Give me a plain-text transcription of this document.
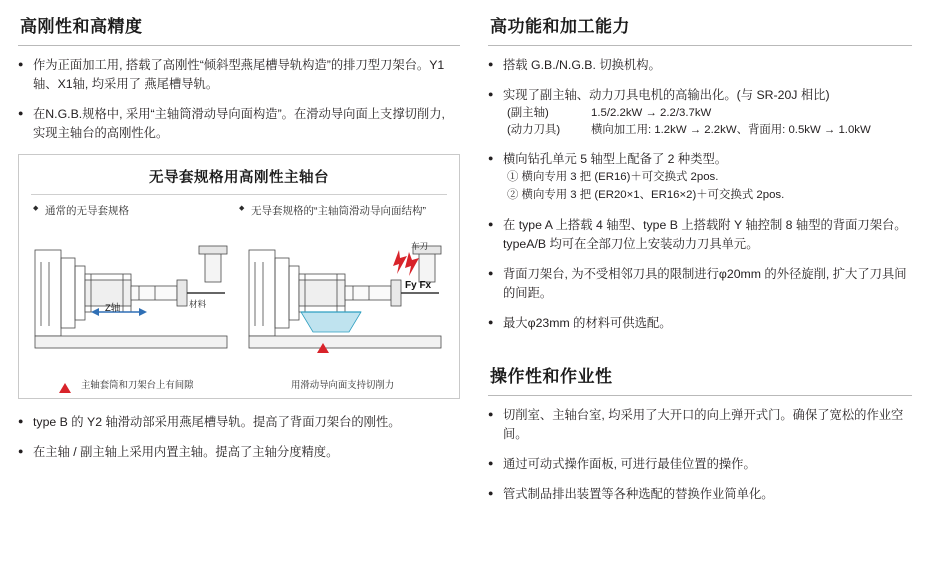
高刚性和高精度
● 作为正面加工用, 搭载了高刚性“倾斜型燕尾槽导轨构造”的排刀型刀架台。Y1轴、X1轴, 均采用了 燕尾槽导轨。
● 在N.G.B.规格中, 采用“主轴筒滑动导向面构造”。在滑动导向面上支撑切削力, 实现主轴台的高刚性化。
无导套规格用高刚性主轴台
◆ 通常的无导套规格	◆ 无导套规格的“主轴筒滑动导向面结构”
Z轴	材料
车刀
Fy Fx
主轴套筒和刀架台上有间隙	用滑动导向面支持切削力
● type B 的 Y2 轴滑动部采用燕尾槽导轨。提高了背面刀架台的刚性。
● 在主轴 / 副主轴上采用内置主轴。提高了主轴分度精度。
高功能和加工能力
● 搭载 G.B./N.G.B. 切换机构。
● 实现了副主轴、动力刀具电机的高输出化。(与 SR-20J 相比)
(副主轴)	1.5/2.2kW → 2.2/3.7kW
(动力刀具)	横向加工用: 1.2kW → 2.2kW、背面用: 0.5kW → 1.0kW
● 横向钻孔单元 5 轴型上配备了 2 种类型。
① 横向专用 3 把 (ER16)＋可交换式 2pos.
② 横向专用 3 把 (ER20×1、ER16×2)＋可交换式 2pos.
● 在 type A 上搭载 4 轴型、type B 上搭载附 Y 轴控制 8 轴型的背面刀架台。typeA/B 均可在全部刀位上安装动力刀具单元。
● 背面刀架台, 为不受相邻刀具的限制进行φ20mm 的外径旋削, 扩大了刀具间的间距。
● 最大φ23mm 的材料可供选配。
操作性和作业性
● 切削室、主轴台室, 均采用了大开口的向上弹开式门。确保了宽松的作业空间。
● 通过可动式操作面板, 可进行最佳位置的操作。
● 管式制品排出装置等各种选配的替换作业简单化。
